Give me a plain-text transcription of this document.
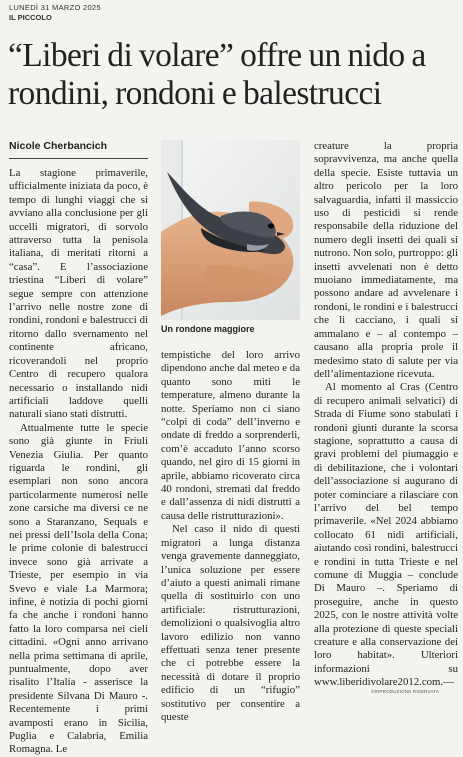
LUNEDÌ 31 MARZO 2025
IL PICCOLO
“Liberi di volare” offre un nido a rondini, rondoni e balestrucci
Nicole Cherbancich

La stagione primaverile, ufficialmente iniziata da poco, è tempo di lunghi viaggi che si avviano alla conclusione per gli uccelli migratori, di sorvolo attraverso tutta la penisola italiana, di meritati ritorni a “casa”. E l’associazione triestina “Liberi di volare” segue sempre con attenzione l’arrivo nelle nostre zone di rondini, rondoni e balestrucci di ritorno dallo svernamento nel continente africano, ricoverandoli nel proprio Centro di recupero qualora necessario o installando nidi artificiali laddove quelli naturali siano stati distrutti.

Attualmente tutte le specie sono già giunte in Friuli Venezia Giulia. Per quanto riguarda le rondini, gli esemplari non sono ancora particolarmente numerosi nelle zone carsiche ma diversi ce ne sono a Staranzano, Sequals e nei pressi dell’Isola della Cona; le prime colonie di balestrucci invece sono già arrivate a Trieste, per esempio in via Svevo e viale La Marmora; infine, è notizia di pochi giorni fa che anche i rondoni hanno fatto la loro comparsa nei cieli cittadini. «Ogni anno arrivano nella prima settimana di aprile, puntualmente, dopo aver risalito l’Italia - asserisce la presidente Silvana Di Mauro -. Recentemente i primi avamposti erano in Sicilia, Puglia e Calabria, Emilia Romagna. Le

Un rondone maggiore

tempistiche del loro arrivo dipendono anche dal meteo e da quanto sono miti le temperature, almeno durante la notte. Speriamo non ci siano “colpi di coda” dell’inverno e ondate di freddo a sorprenderli, com’è accaduto l’anno scorso quando, nel giro di 15 giorni in aprile, abbiamo ricoverato circa 40 rondoni, stremati dal freddo e dall’assenza di nidi distrutti a causa delle ristrutturazioni».

Nel caso il nido di questi migratori a lunga distanza venga gravemente danneggiato, l’unica soluzione per essere d’aiuto a questi animali rimane quella di sostituirlo con uno artificiale: ristrutturazioni, demolizioni o qualsivoglia altro lavoro edilizio non vanno effettuati senza tener presente che ci potrebbe essere la necessità di dotare il proprio edificio di un “rifugio” sostitutivo per consentire a queste

creature la propria sopravvivenza, ma anche quella della specie. Esiste tuttavia un altro pericolo per la loro salvaguardia, infatti il massiccio uso di pesticidi si rende responsabile della riduzione del numero degli insetti dei quali si nutrono. Non solo, purtroppo: gli insetti avvelenati non è detto muoiano immediatamente, ma possono andare ad avvelenare i rondoni, le rondini e i balestrucci che li cacciano, i quali si ammalano e – al contempo – causano alla propria prole il medesimo stato di salute per via dell’alimentazione ricevuta.

Al momento al Cras (Centro di recupero animali selvatici) di Strada di Fiume sono stabulati i rondoni giunti durante la scorsa stagione, soprattutto a causa di gravi problemi del piumaggio e di debilitazione, che i volontari dell’associazione si augurano di poter cominciare a rilasciare con l’arrivo del bel tempo primaverile. «Nel 2024 abbiamo collocato 61 nidi artificiali, aiutando così rondini, balestrucci e rondini in tutta Trieste e nel comune di Muggia – conclude Di Mauro –. Speriamo di proseguire, anche in questo 2025, con le nostre attività volte alla protezione di queste speciali creature e alla conservazione dei loro habitat». Ulteriori informazioni su www.liberidivolare2012.com.—

©RIPRODUZIONE RISERVATA
